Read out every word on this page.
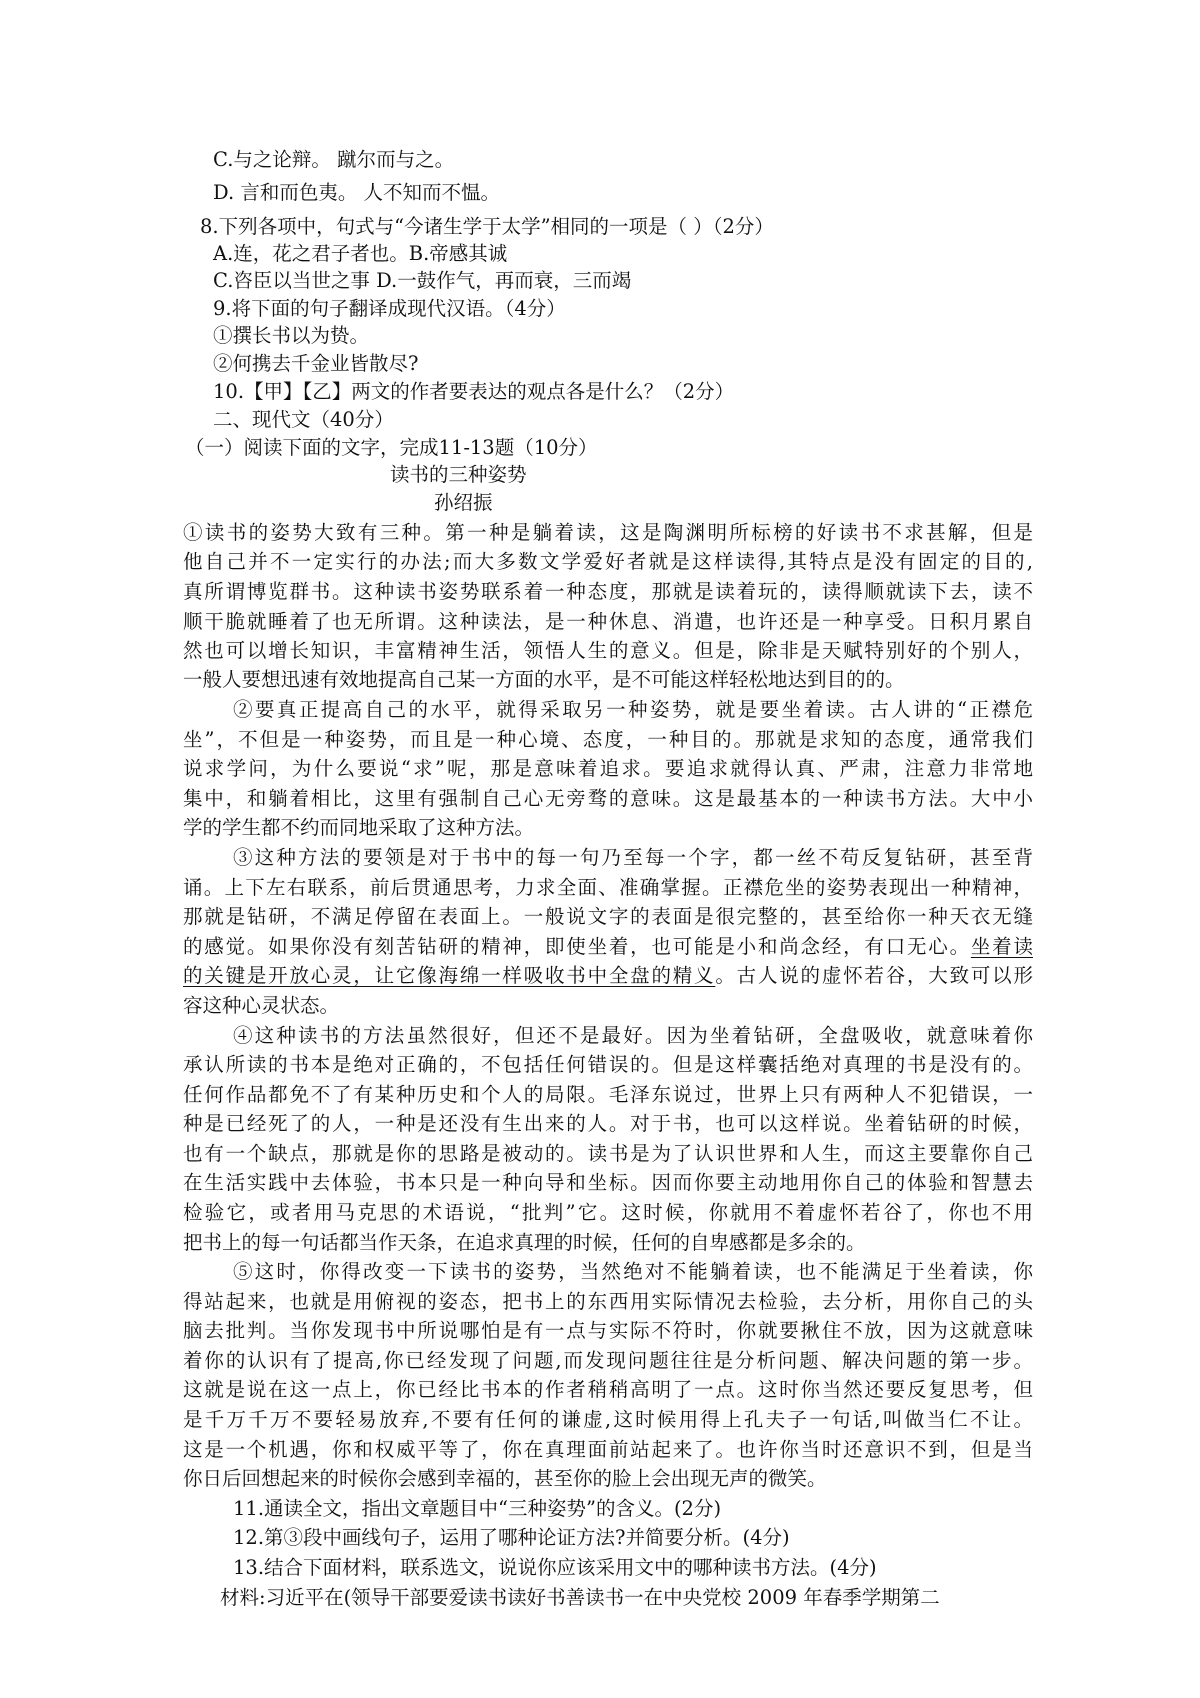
C.与之论辩。 蹴尔而与之。
D. 言和而色夷。 人不知而不愠。
8.下列各项中，句式与“今诸生学于太学”相同的一项是（ ）（2分）
A.连，花之君子者也。B.帝感其诚
C.咨臣以当世之事 D.一鼓作气，再而衰，三而竭
9.将下面的句子翻译成现代汉语。（4分）
①撰长书以为贽。
②何携去千金业皆散尽?
10.【甲】【乙】两文的作者要表达的观点各是什么？（2分）
二、现代文（40分）
（一）阅读下面的文字，完成11-13题（10分）
读书的三种姿势
孙绍振
①读书的姿势大致有三种。第一种是躺着读，这是陶渊明所标榜的好读书不求甚解，但是
他自己并不一定实行的办法;而大多数文学爱好者就是这样读得,其特点是没有固定的目的,
真所谓博览群书。这种读书姿势联系着一种态度，那就是读着玩的，读得顺就读下去，读不
顺干脆就睡着了也无所谓。这种读法，是一种休息、消遣，也许还是一种享受。日积月累自
然也可以增长知识，丰富精神生活，领悟人生的意义。但是，除非是天赋特别好的个别人，
一般人要想迅速有效地提高自己某一方面的水平，是不可能这样轻松地达到目的的。
②要真正提高自己的水平，就得采取另一种姿势，就是要坐着读。古人讲的“正襟危
坐”，不但是一种姿势，而且是一种心境、态度，一种目的。那就是求知的态度，通常我们
说求学问，为什么要说“求”呢，那是意味着追求。要追求就得认真、严肃，注意力非常地
集中，和躺着相比，这里有强制自己心无旁骛的意味。这是最基本的一种读书方法。大中小
学的学生都不约而同地采取了这种方法。
③这种方法的要领是对于书中的每一句乃至每一个字，都一丝不苟反复钻研，甚至背
诵。上下左右联系，前后贯通思考，力求全面、准确掌握。正襟危坐的姿势表现出一种精神，
那就是钻研，不满足停留在表面上。一般说文字的表面是很完整的，甚至给你一种天衣无缝
的感觉。如果你没有刻苦钻研的精神，即使坐着，也可能是小和尚念经，有口无心。坐着读
的关键是开放心灵，让它像海绵一样吸收书中全盘的精义。古人说的虚怀若谷，大致可以形
容这种心灵状态。
④这种读书的方法虽然很好，但还不是最好。因为坐着钻研，全盘吸收，就意味着你
承认所读的书本是绝对正确的，不包括任何错误的。但是这样囊括绝对真理的书是没有的。
任何作品都免不了有某种历史和个人的局限。毛泽东说过，世界上只有两种人不犯错误，一
种是已经死了的人，一种是还没有生出来的人。对于书，也可以这样说。坐着钻研的时候，
也有一个缺点，那就是你的思路是被动的。读书是为了认识世界和人生，而这主要靠你自己
在生活实践中去体验，书本只是一种向导和坐标。因而你要主动地用你自己的体验和智慧去
检验它，或者用马克思的术语说，“批判”它。这时候，你就用不着虚怀若谷了，你也不用
把书上的每一句话都当作天条，在追求真理的时候，任何的自卑感都是多余的。
⑤这时，你得改变一下读书的姿势，当然绝对不能躺着读，也不能满足于坐着读，你
得站起来，也就是用俯视的姿态，把书上的东西用实际情况去检验，去分析，用你自己的头
脑去批判。当你发现书中所说哪怕是有一点与实际不符时，你就要揪住不放，因为这就意味
着你的认识有了提高,你已经发现了问题,而发现问题往往是分析问题、解决问题的第一步。
这就是说在这一点上，你已经比书本的作者稍稍高明了一点。这时你当然还要反复思考，但
是千万千万不要轻易放弃,不要有任何的谦虚,这时候用得上孔夫子一句话,叫做当仁不让。
这是一个机遇，你和权威平等了，你在真理面前站起来了。也许你当时还意识不到，但是当
你日后回想起来的时候你会感到幸福的，甚至你的脸上会出现无声的微笑。
11.通读全文，指出文章题目中“三种姿势”的含义。(2分)
12.第③段中画线句子，运用了哪种论证方法?并简要分析。(4分)
13.结合下面材料，联系选文，说说你应该采用文中的哪种读书方法。(4分)
材料:习近平在(领导干部要爱读书读好书善读书一在中央党校 2009 年春季学期第二
